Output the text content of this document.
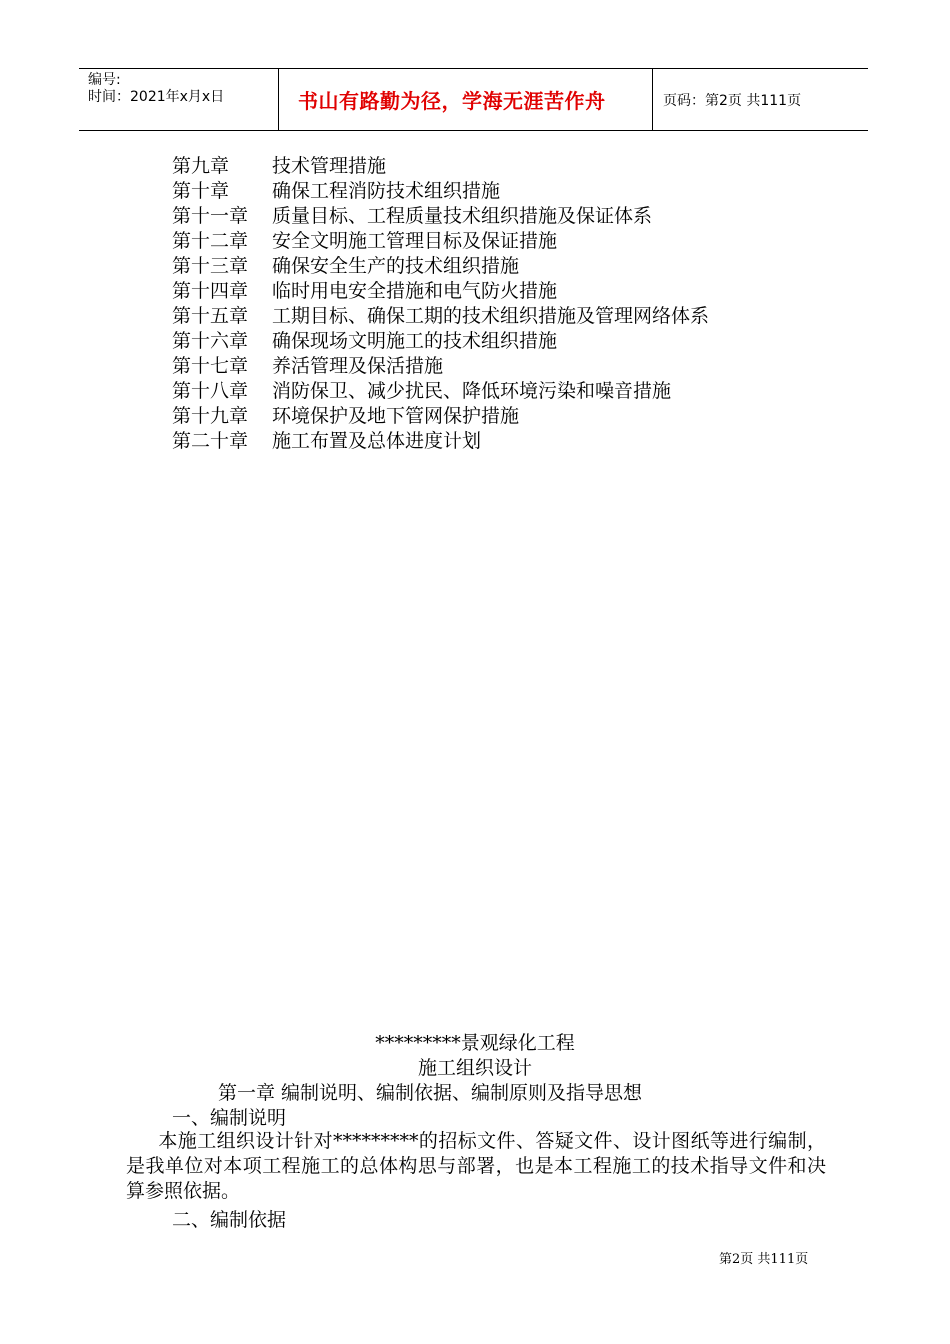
编号:
时间：2021年x月x日	书山有路勤为径，学海无涯苦作舟	页码：第2页 共111页
第九章	技术管理措施
第十章	确保工程消防技术组织措施
第十一章	质量目标、工程质量技术组织措施及保证体系
第十二章	安全文明施工管理目标及保证措施
第十三章	确保安全生产的技术组织措施
第十四章	临时用电安全措施和电气防火措施
第十五章	工期目标、确保工期的技术组织措施及管理网络体系
第十六章	确保现场文明施工的技术组织措施
第十七章	养活管理及保活措施
第十八章	消防保卫、减少扰民、降低环境污染和噪音措施
第十九章	环境保护及地下管网保护措施
第二十章	施工布置及总体进度计划
*********景观绿化工程
施工组织设计
第一章 编制说明、编制依据、编制原则及指导思想
一、编制说明
本施工组织设计针对*********的招标文件、答疑文件、设计图纸等进行编制，是我单位对本项工程施工的总体构思与部署，也是本工程施工的技术指导文件和决算参照依据。
二、编制依据
第2页 共111页
